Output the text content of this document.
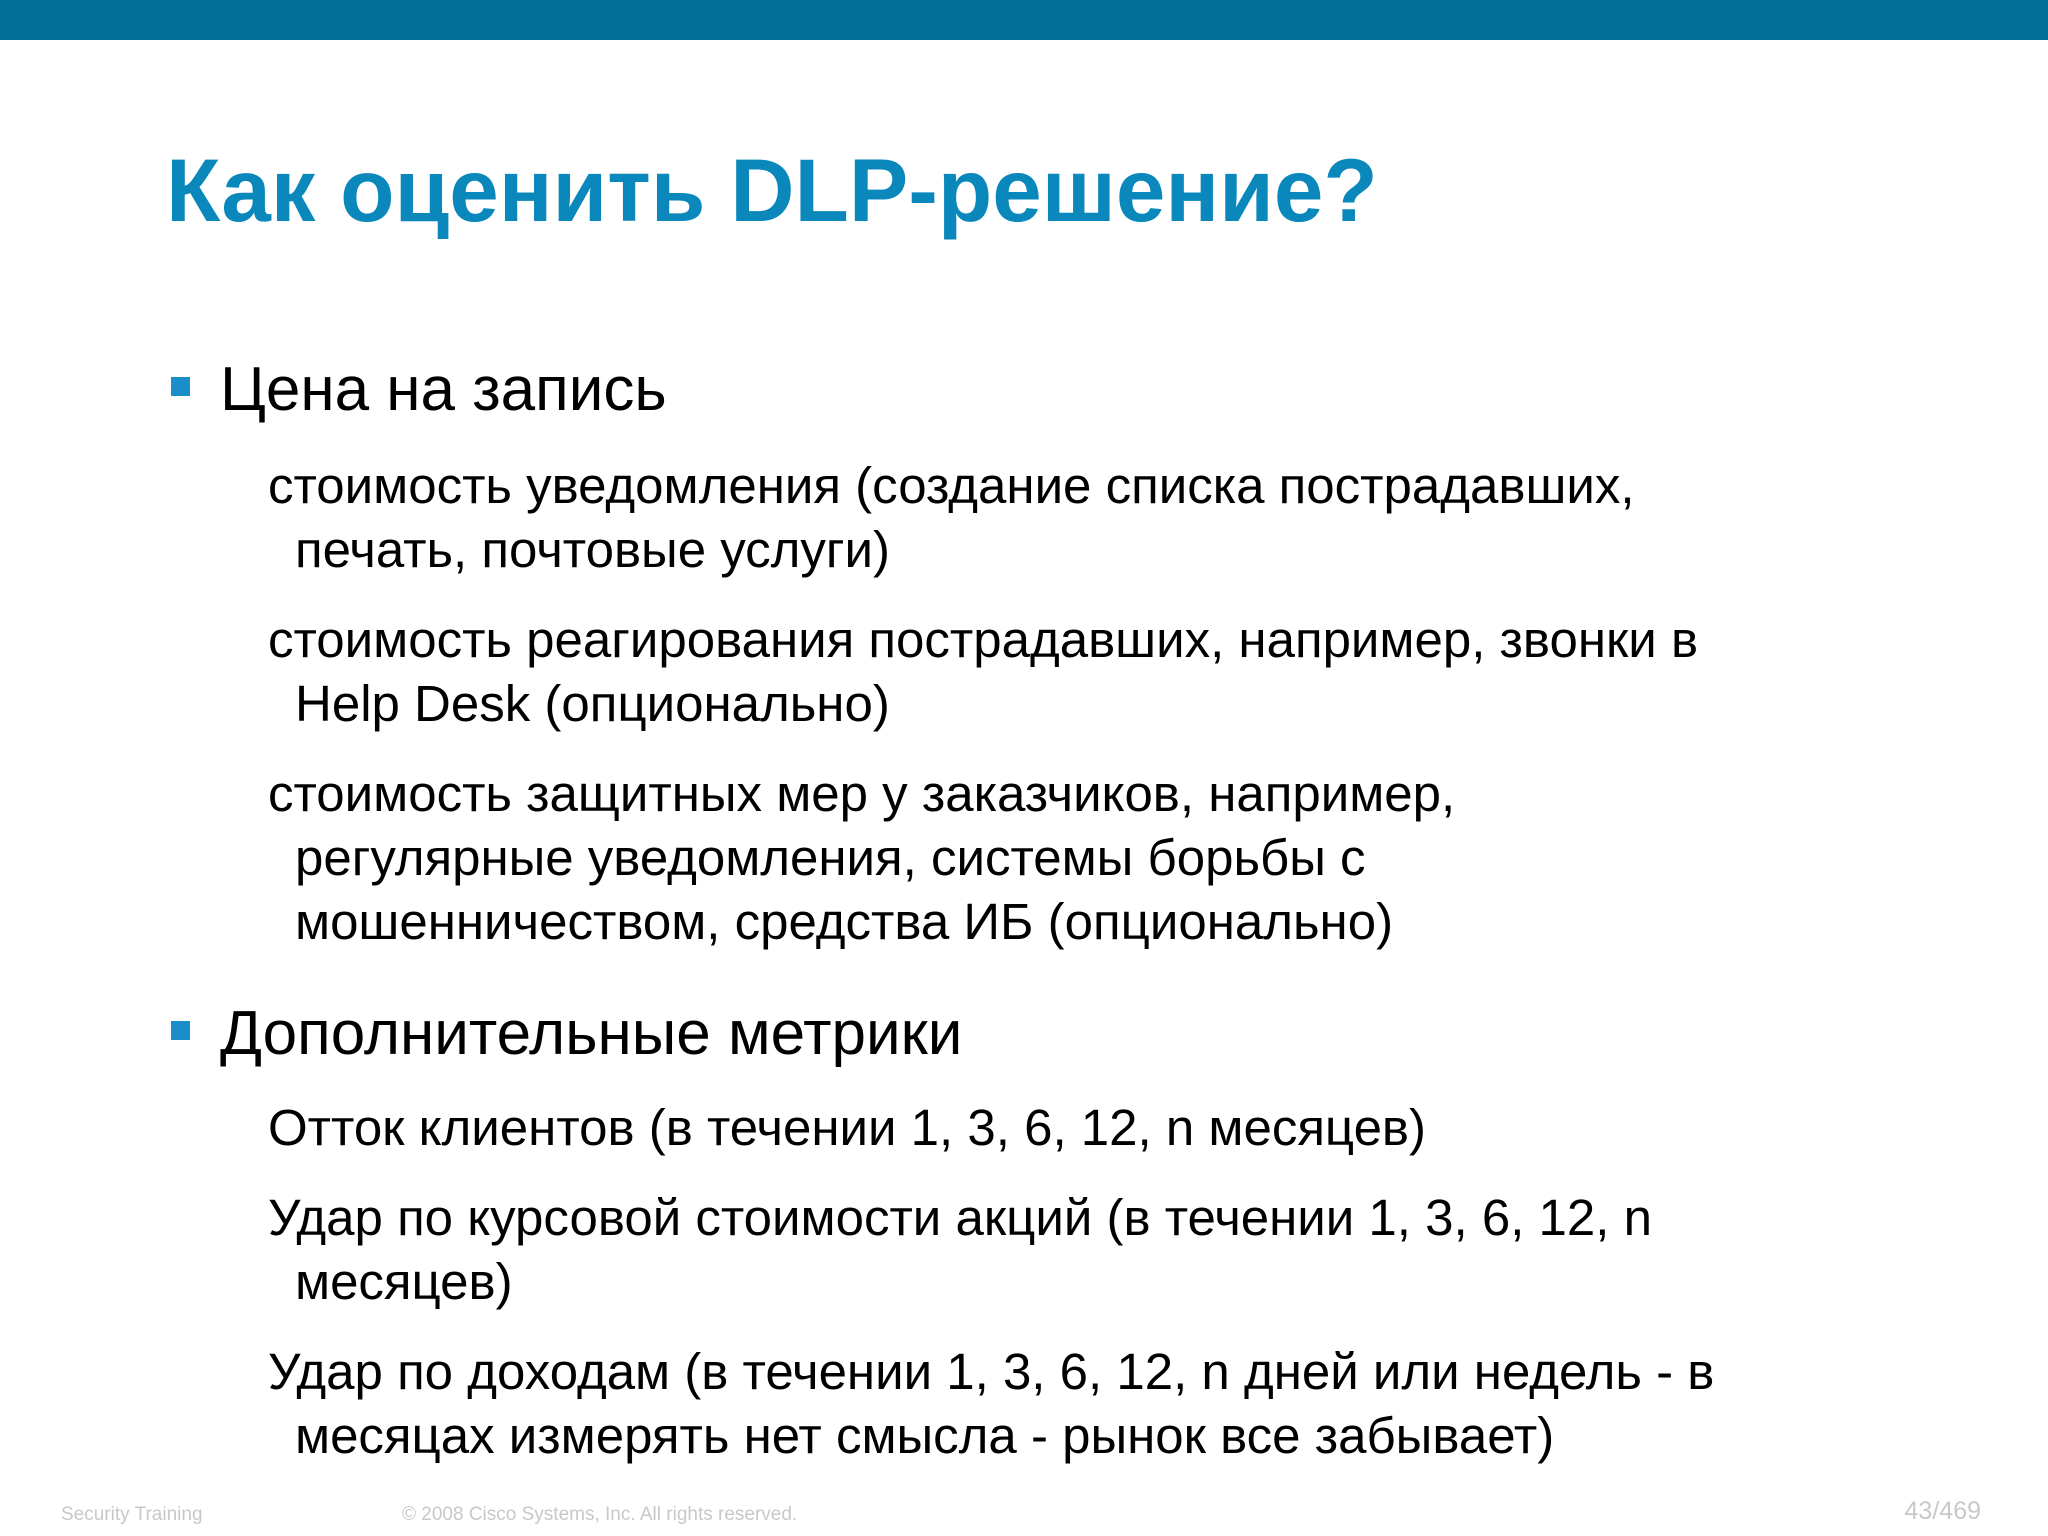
Как оценить DLP-решение?
Цена на запись
стоимость уведомления (создание списка пострадавших,
печать, почтовые услуги)
стоимость реагирования пострадавших, например, звонки в
Help Desk (опционально)
стоимость защитных мер у заказчиков, например,
регулярные уведомления, системы борьбы с
мошенничеством, средства ИБ (опционально)
Дополнительные метрики
Отток клиентов (в течении 1, 3, 6, 12, n месяцев)
Удар по курсовой стоимости акций (в течении 1, 3, 6, 12, n
месяцев)
Удар по доходам (в течении 1, 3, 6, 12, n дней или недель - в
месяцах измерять нет смысла - рынок все забывает)
Security Training	© 2008 Cisco Systems, Inc. All rights reserved.	43/469
